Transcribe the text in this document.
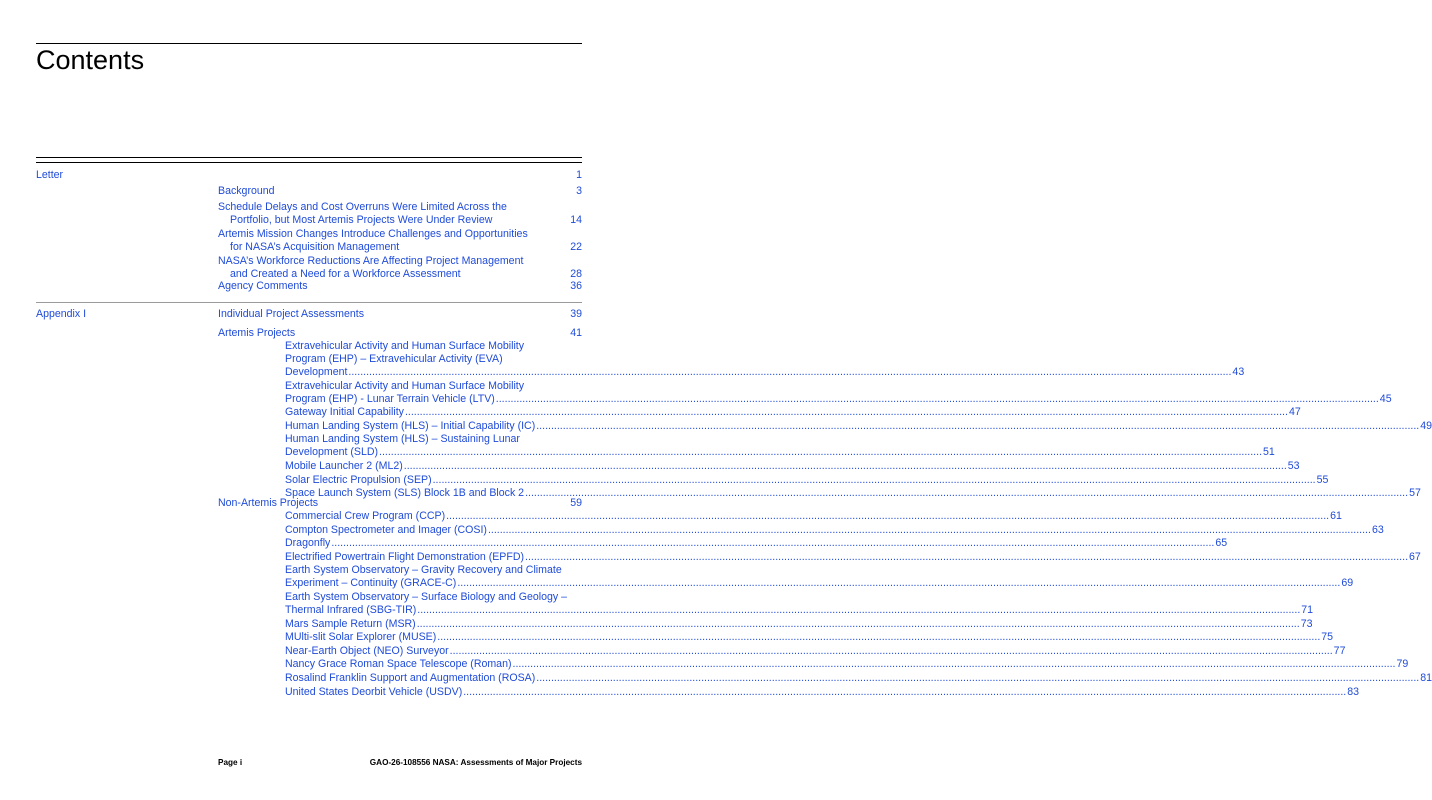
Contents
Letter	1
Background	3
Schedule Delays and Cost Overruns Were Limited Across the
Portfolio, but Most Artemis Projects Were Under Review	14
Artemis Mission Changes Introduce Challenges and Opportunities
for NASA’s Acquisition Management	22
NASA’s Workforce Reductions Are Affecting Project Management
and Created a Need for a Workforce Assessment	28
Agency Comments	36
Appendix I	Individual Project Assessments	39
Artemis Projects	41
Extravehicular Activity and Human Surface Mobility
Program (EHP) – Extravehicular Activity (EVA)
Development ............................................................................................................................................................................................................................................................................................................ 43
Extravehicular Activity and Human Surface Mobility
Program (EHP) - Lunar Terrain Vehicle (LTV) ............................................................................................................................................................................................................................................................................................................ 45
Gateway Initial Capability ............................................................................................................................................................................................................................................................................................................ 47
Human Landing System (HLS) – Initial Capability (IC) ............................................................................................................................................................................................................................................................................................................ 49
Human Landing System (HLS) – Sustaining Lunar
Development (SLD) ............................................................................................................................................................................................................................................................................................................ 51
Mobile Launcher 2 (ML2) ............................................................................................................................................................................................................................................................................................................ 53
Solar Electric Propulsion (SEP) ............................................................................................................................................................................................................................................................................................................ 55
Space Launch System (SLS) Block 1B and Block 2 ............................................................................................................................................................................................................................................................................................................ 57
Non-Artemis Projects	59
Commercial Crew Program (CCP) ............................................................................................................................................................................................................................................................................................................ 61
Compton Spectrometer and Imager (COSI) ............................................................................................................................................................................................................................................................................................................ 63
Dragonfly ............................................................................................................................................................................................................................................................................................................ 65
Electrified Powertrain Flight Demonstration (EPFD) ............................................................................................................................................................................................................................................................................................................ 67
Earth System Observatory – Gravity Recovery and Climate
Experiment – Continuity (GRACE-C) ............................................................................................................................................................................................................................................................................................................ 69
Earth System Observatory – Surface Biology and Geology –
Thermal Infrared (SBG-TIR) ............................................................................................................................................................................................................................................................................................................ 71
Mars Sample Return (MSR) ............................................................................................................................................................................................................................................................................................................ 73
MUlti-slit Solar Explorer (MUSE) ............................................................................................................................................................................................................................................................................................................ 75
Near-Earth Object (NEO) Surveyor ............................................................................................................................................................................................................................................................................................................ 77
Nancy Grace Roman Space Telescope (Roman) ............................................................................................................................................................................................................................................................................................................ 79
Rosalind Franklin Support and Augmentation (ROSA) ............................................................................................................................................................................................................................................................................................................ 81
United States Deorbit Vehicle (USDV) ............................................................................................................................................................................................................................................................................................................ 83
Page i	GAO-26-108556 NASA: Assessments of Major Projects
